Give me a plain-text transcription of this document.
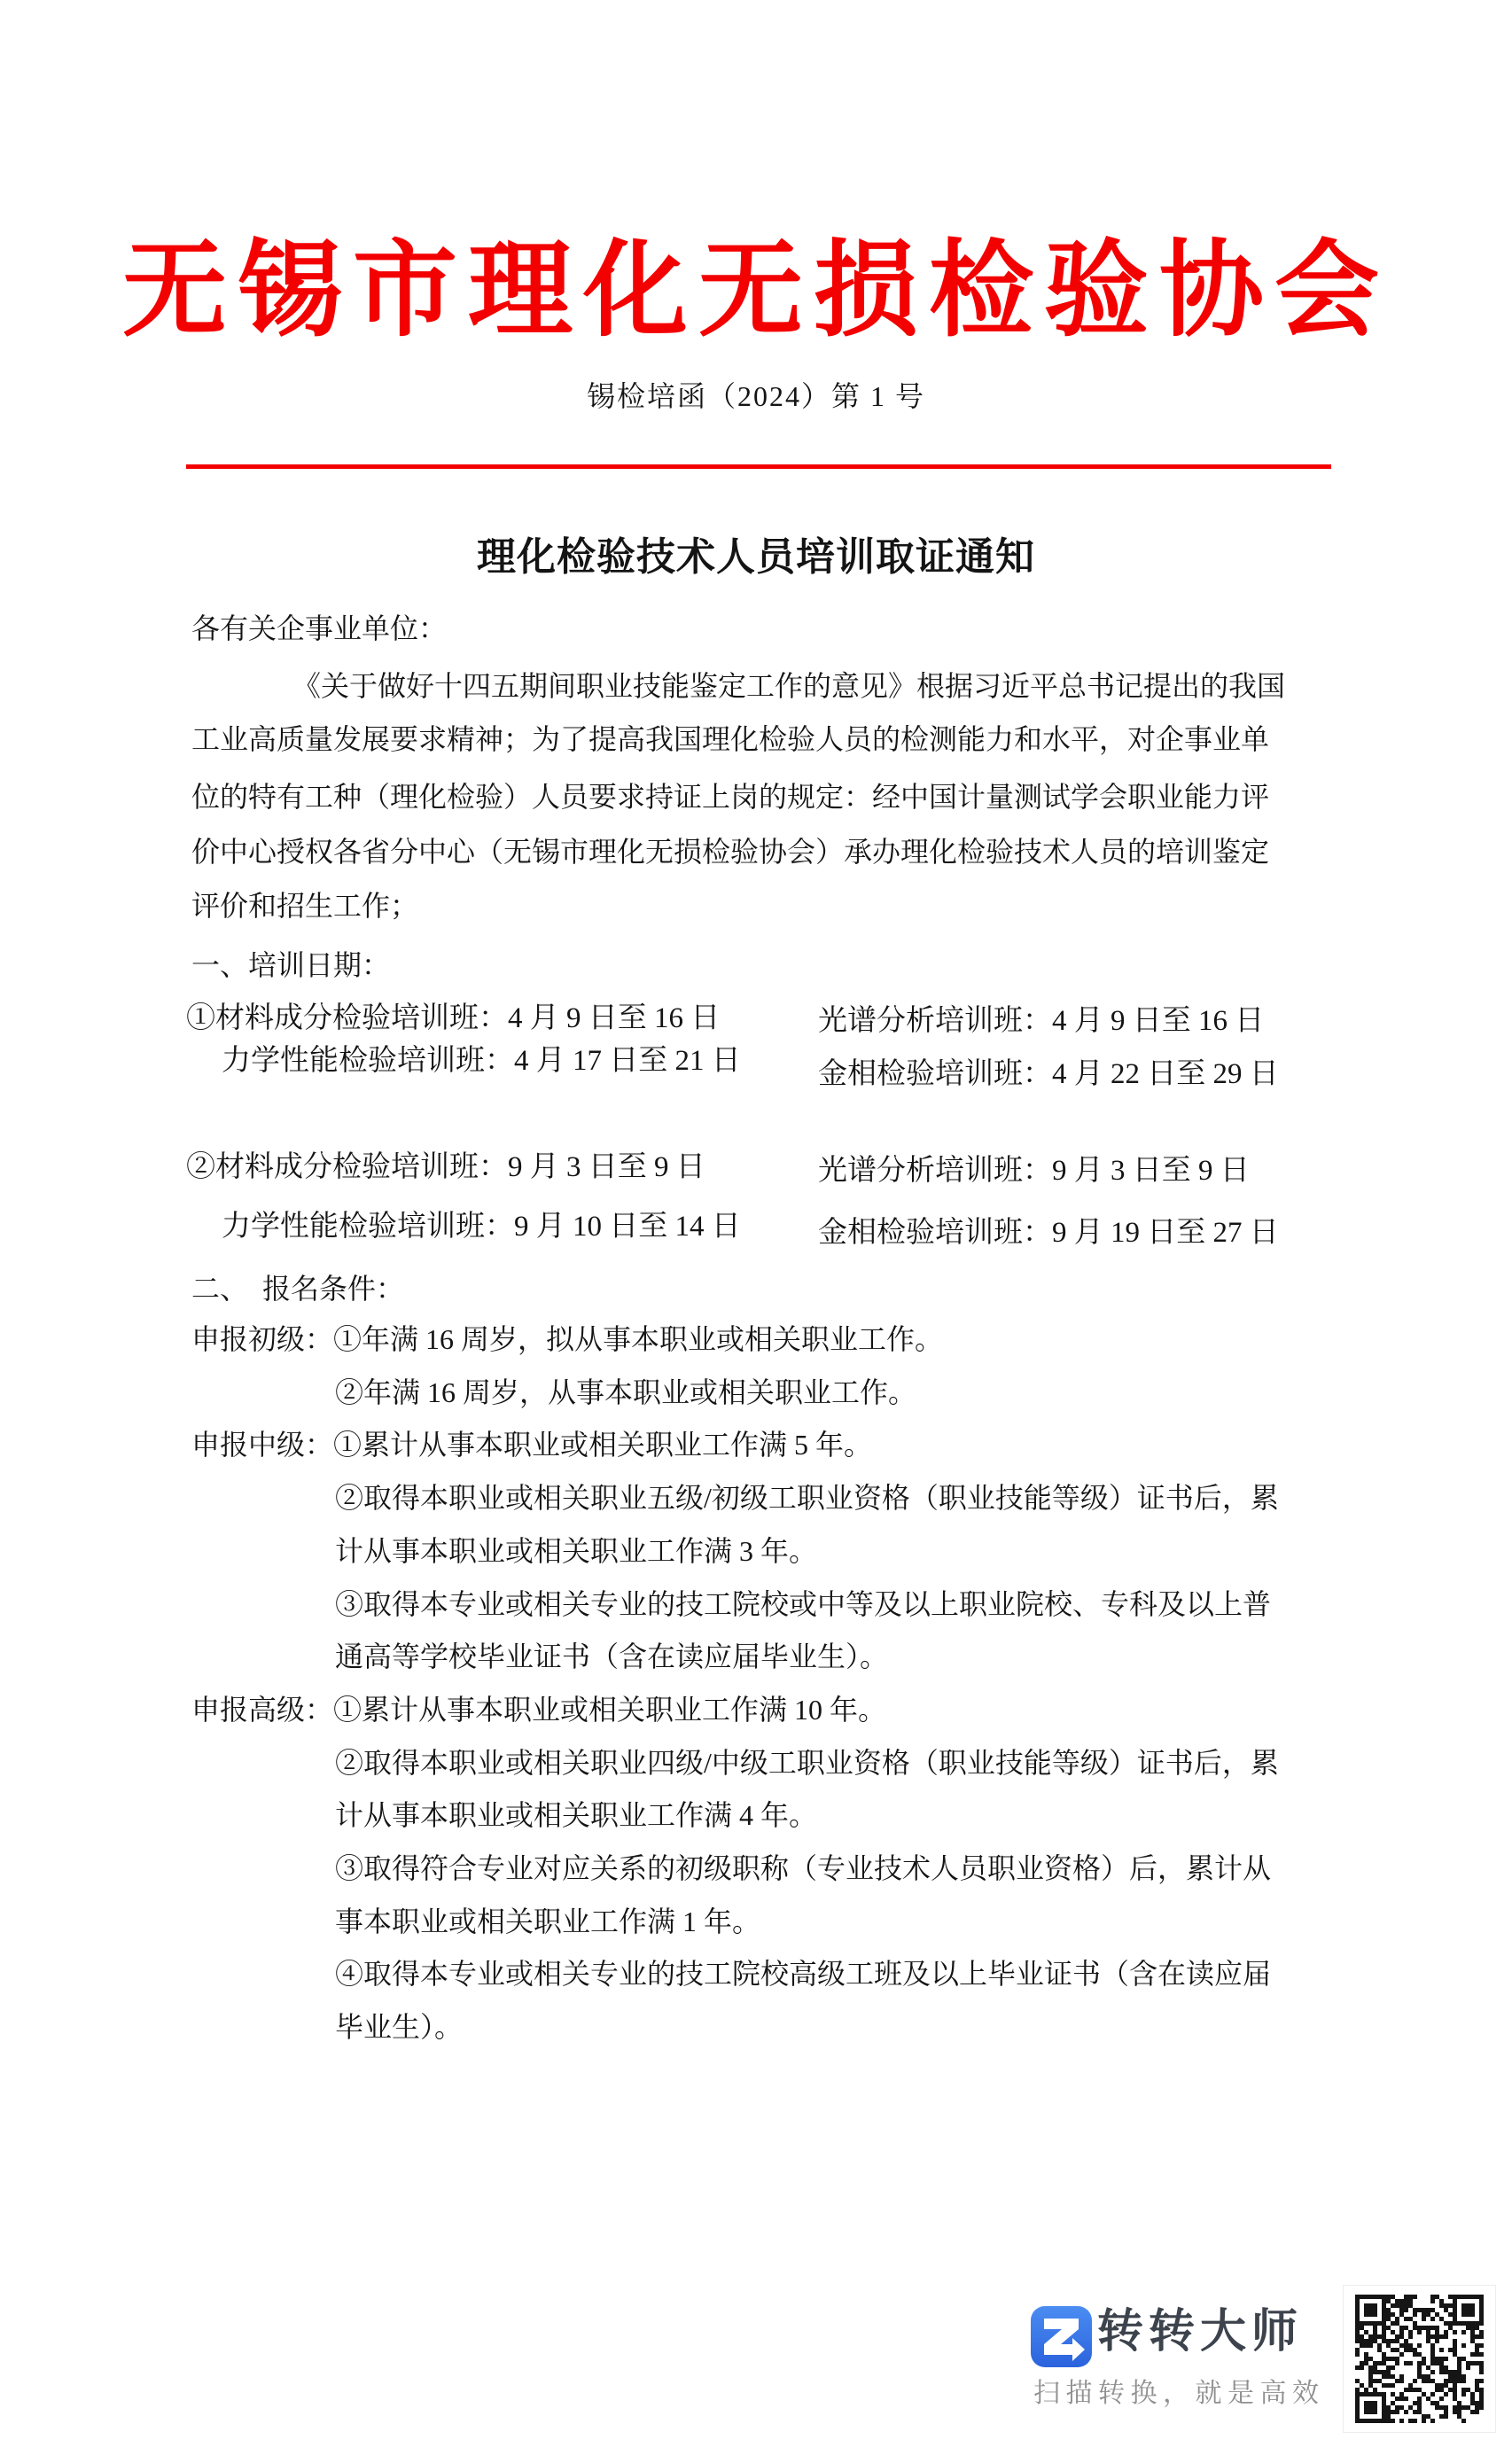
无锡市理化无损检验协会
锡检培函（2024）第 1 号
理化检验技术人员培训取证通知
各有关企事业单位：
《关于做好十四五期间职业技能鉴定工作的意见》根据习近平总书记提出的我国
工业高质量发展要求精神；为了提高我国理化检验人员的检测能力和水平，对企事业单
位的特有工种（理化检验）人员要求持证上岗的规定：经中国计量测试学会职业能力评
价中心授权各省分中心（无锡市理化无损检验协会）承办理化检验技术人员的培训鉴定
评价和招生工作；
一、培训日期：
①材料成分检验培训班：4 月 9 日至 16 日
力学性能检验培训班：4 月 17 日至 21 日
光谱分析培训班：4 月 9 日至 16 日
金相检验培训班：4 月 22 日至 29 日
②材料成分检验培训班：9 月 3 日至 9 日
力学性能检验培训班：9 月 10 日至 14 日
光谱分析培训班：9 月 3 日至 9 日
金相检验培训班：9 月 19 日至 27 日
二、　报名条件：
申报初级：①年满 16 周岁，拟从事本职业或相关职业工作。
②年满 16 周岁，从事本职业或相关职业工作。
申报中级：①累计从事本职业或相关职业工作满 5 年。
②取得本职业或相关职业五级/初级工职业资格（职业技能等级）证书后，累
计从事本职业或相关职业工作满 3 年。
③取得本专业或相关专业的技工院校或中等及以上职业院校、专科及以上普
通高等学校毕业证书（含在读应届毕业生）。
申报高级：①累计从事本职业或相关职业工作满 10 年。
②取得本职业或相关职业四级/中级工职业资格（职业技能等级）证书后，累
计从事本职业或相关职业工作满 4 年。
③取得符合专业对应关系的初级职称（专业技术人员职业资格）后，累计从
事本职业或相关职业工作满 1 年。
④取得本专业或相关专业的技工院校高级工班及以上毕业证书（含在读应届
毕业生）。
转转大师
扫描转换，就是高效
